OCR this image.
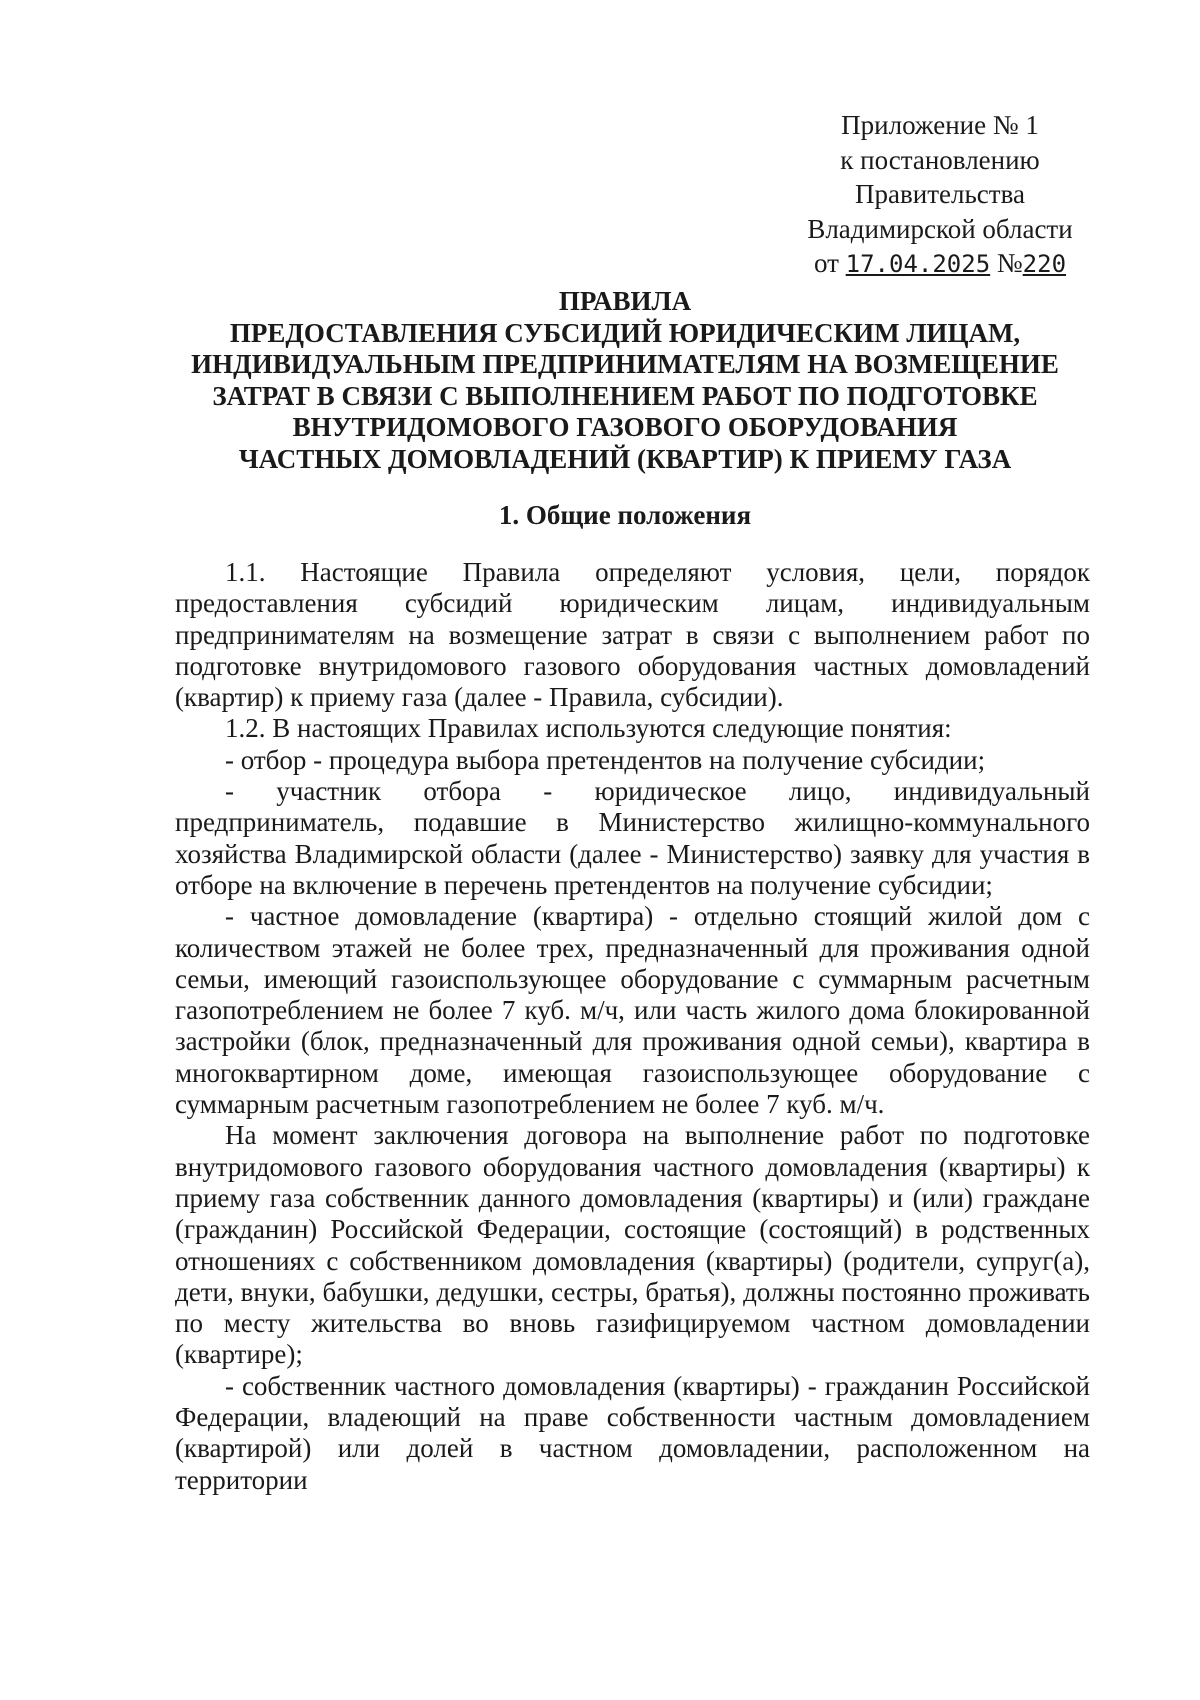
Приложение № 1
к постановлению
Правительства
Владимирской области
от 17.04.2025 №220
ПРАВИЛА
ПРЕДОСТАВЛЕНИЯ СУБСИДИЙ ЮРИДИЧЕСКИМ ЛИЦАМ,
ИНДИВИДУАЛЬНЫМ ПРЕДПРИНИМАТЕЛЯМ НА ВОЗМЕЩЕНИЕ
ЗАТРАТ В СВЯЗИ С ВЫПОЛНЕНИЕМ РАБОТ ПО ПОДГОТОВКЕ
ВНУТРИДОМОВОГО ГАЗОВОГО ОБОРУДОВАНИЯ
ЧАСТНЫХ ДОМОВЛАДЕНИЙ (КВАРТИР) К ПРИЕМУ ГАЗА
1. Общие положения

1.1. Настоящие Правила определяют условия, цели, порядок предоставления субсидий юридическим лицам, индивидуальным предпринимателям на возмещение затрат в связи с выполнением работ по подготовке внутридомового газового оборудования частных домовладений (квартир) к приему газа (далее - Правила, субсидии).

1.2. В настоящих Правилах используются следующие понятия:

- отбор - процедура выбора претендентов на получение субсидии;

- участник отбора - юридическое лицо, индивидуальный предприниматель, подавшие в Министерство жилищно-коммунального хозяйства Владимирской области (далее - Министерство) заявку для участия в отборе на включение в перечень претендентов на получение субсидии;

- частное домовладение (квартира) - отдельно стоящий жилой дом с количеством этажей не более трех, предназначенный для проживания одной семьи, имеющий газоиспользующее оборудование с суммарным расчетным газопотреблением не более 7 куб. м/ч, или часть жилого дома блокированной застройки (блок, предназначенный для проживания одной семьи), квартира в многоквартирном доме, имеющая газоиспользующее оборудование с суммарным расчетным газопотреблением не более 7 куб. м/ч.

На момент заключения договора на выполнение работ по подготовке внутридомового газового оборудования частного домовладения (квартиры) к приему газа собственник данного домовладения (квартиры) и (или) граждане (гражданин) Российской Федерации, состоящие (состоящий) в родственных отношениях с собственником домовладения (квартиры) (родители, супруг(а), дети, внуки, бабушки, дедушки, сестры, братья), должны постоянно проживать по месту жительства во вновь газифицируемом частном домовладении (квартире);

- собственник частного домовладения (квартиры) - гражданин Российской Федерации, владеющий на праве собственности частным домовладением (квартирой) или долей в частном домовладении, расположенном на территории
